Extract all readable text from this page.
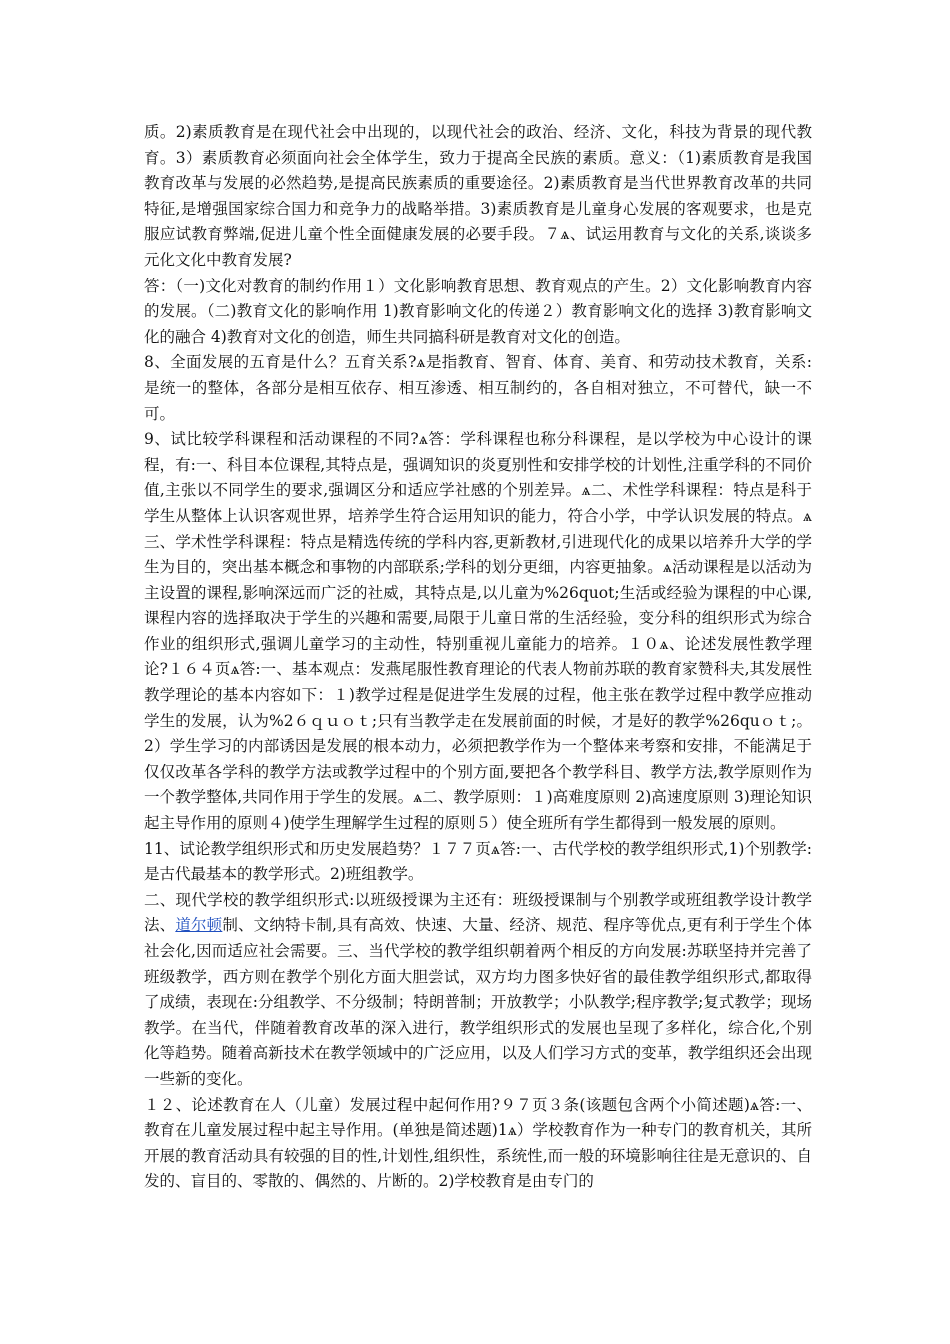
质。2)素质教育是在现代社会中出现的，以现代社会的政治、经济、文化，科技为背景的现代教育。3）素质教育必须面向社会全体学生，致力于提高全民族的素质。意义：（1)素质教育是我国教育改革与发展的必然趋势,是提高民族素质的重要途径。2)素质教育是当代世界教育改革的共同特征,是增强国家综合国力和竞争力的战略举措。3)素质教育是儿童身心发展的客观要求，也是克服应试教育弊端,促进儿童个性全面健康发展的必要手段。７ѧ、试运用教育与文化的关系,谈谈多元化文化中教育发展?

答：（一)文化对教育的制约作用１）文化影响教育思想、教育观点的产生。2）文化影响教育内容的发展。（二)教育文化的影响作用 1)教育影响文化的传递２）教育影响文化的选择 3)教育影响文化的融合 4)教育对文化的创造，师生共同搞科研是教育对文化的创造。

8、全面发展的五育是什么？五育关系?ѧ是指教育、智育、体育、美育、和劳动技术教育，关系:是统一的整体，各部分是相互依存、相互渗透、相互制约的，各自相对独立，不可替代，缺一不可。

9、试比较学科课程和活动课程的不同?ѧ答：学科课程也称分科课程，是以学校为中心设计的课程，有:一、科目本位课程,其特点是，强调知识的炎夏别性和安排学校的计划性,注重学科的不同价值,主张以不同学生的要求,强调区分和适应学社感的个别差异。ѧ二、术性学科课程：特点是科于学生从整体上认识客观世界，培养学生符合运用知识的能力，符合小学，中学认识发展的特点。ѧ三、学术性学科课程：特点是精选传统的学科内容,更新教材,引进现代化的成果以培养升大学的学生为目的，突出基本概念和事物的内部联系;学科的划分更细，内容更抽象。ѧ活动课程是以活动为主设置的课程,影响深远而广泛的社威，其特点是,以儿童为%26quot;生活或经验为课程的中心课,课程内容的选择取决于学生的兴趣和需要,局限于儿童日常的生活经验，变分科的组织形式为综合作业的组织形式,强调儿童学习的主动性，特别重视儿童能力的培养。１０ѧ、论述发展性教学理论?１６４页ѧ答:一、基本观点：发燕尾服性教育理论的代表人物前苏联的教育家赞科夫,其发展性教学理论的基本内容如下：１)教学过程是促进学生发展的过程，他主张在教学过程中教学应推动学生的发展，认为%2６ｑｕｏｔ;只有当教学走在发展前面的时候，才是好的教学%26quｏｔ;。2）学生学习的内部诱因是发展的根本动力，必须把教学作为一个整体来考察和安排，不能满足于仅仅改革各学科的教学方法或教学过程中的个别方面,要把各个教学科目、教学方法,教学原则作为一个教学整体,共同作用于学生的发展。ѧ二、教学原则：１)高难度原则 2)高速度原则 3)理论知识起主导作用的原则４)使学生理解学生过程的原则５）使全班所有学生都得到一般发展的原则。

11、试论教学组织形式和历史发展趋势？１７７页ѧ答:一、古代学校的教学组织形式,1)个别教学:是古代最基本的教学形式。2)班组教学。

二、现代学校的教学组织形式:以班级授课为主还有：班级授课制与个别教学或班组教学设计教学法、道尔顿制、文纳特卡制,具有高效、快速、大量、经济、规范、程序等优点,更有利于学生个体社会化,因而适应社会需要。三、当代学校的教学组织朝着两个相反的方向发展:苏联坚持并完善了班级教学，西方则在教学个别化方面大胆尝试，双方均力图多快好省的最佳教学组织形式,都取得了成绩，表现在:分组教学、不分级制；特朗普制；开放教学；小队教学;程序教学;复式教学；现场教学。在当代，伴随着教育改革的深入进行，教学组织形式的发展也呈现了多样化，综合化,个别化等趋势。随着高新技术在教学领域中的广泛应用，以及人们学习方式的变革，教学组织还会出现一些新的变化。

１２、论述教育在人（儿童）发展过程中起何作用?９７页３条(该题包含两个小简述题)ѧ答:一、教育在儿童发展过程中起主导作用。(单独是简述题)1ѧ）学校教育作为一种专门的教育机关，其所开展的教育活动具有较强的目的性,计划性,组织性，系统性,而一般的环境影响往往是无意识的、自发的、盲目的、零散的、偶然的、片断的。2)学校教育是由专门的
